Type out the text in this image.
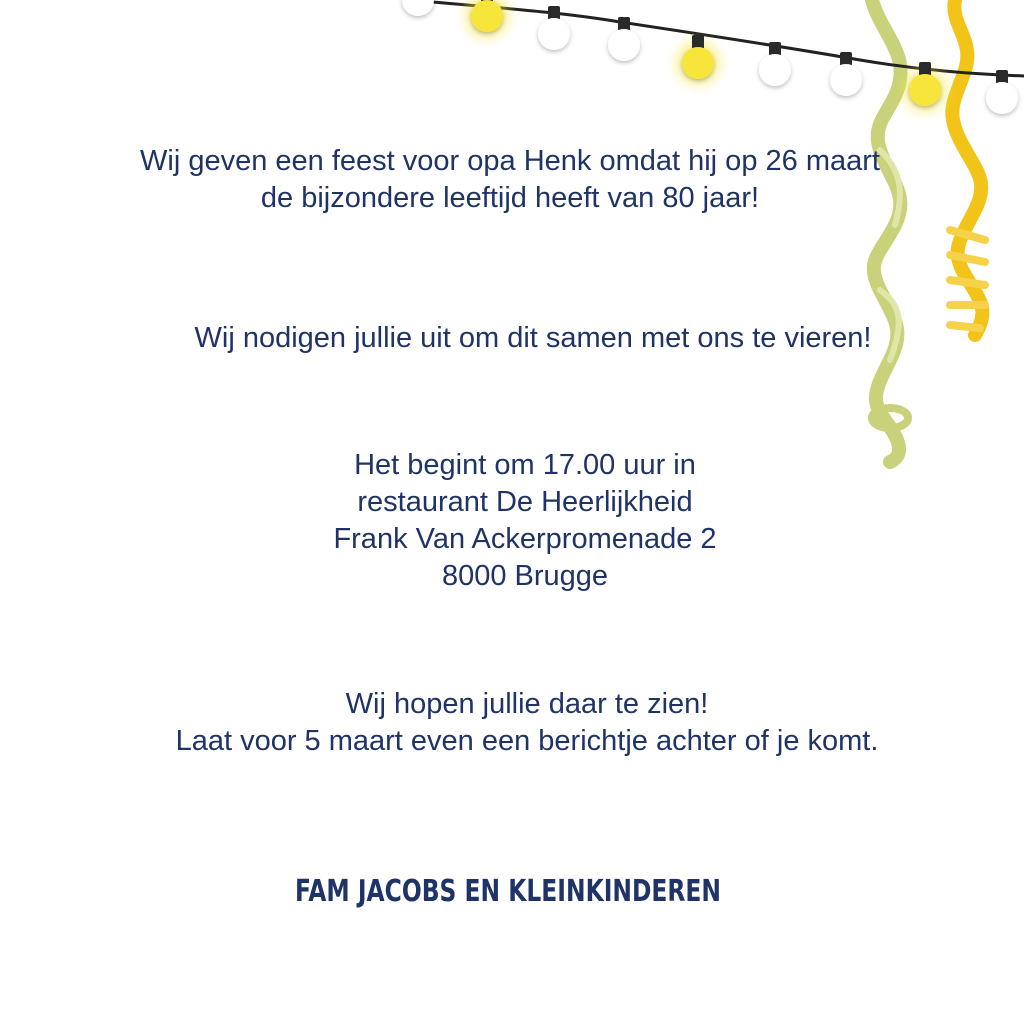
Wij geven een feest voor opa Henk omdat hij op 26 maart
de bijzondere leeftijd heeft van 80 jaar!

Wij nodigen jullie uit om dit samen met ons te vieren!

Het begint om 17.00 uur in
restaurant De Heerlijkheid
Frank Van Ackerpromenade 2
8000 Brugge

Wij hopen jullie daar te zien!
Laat voor 5 maart even een berichtje achter of je komt.

FAM JACOBS EN KLEINKINDEREN
